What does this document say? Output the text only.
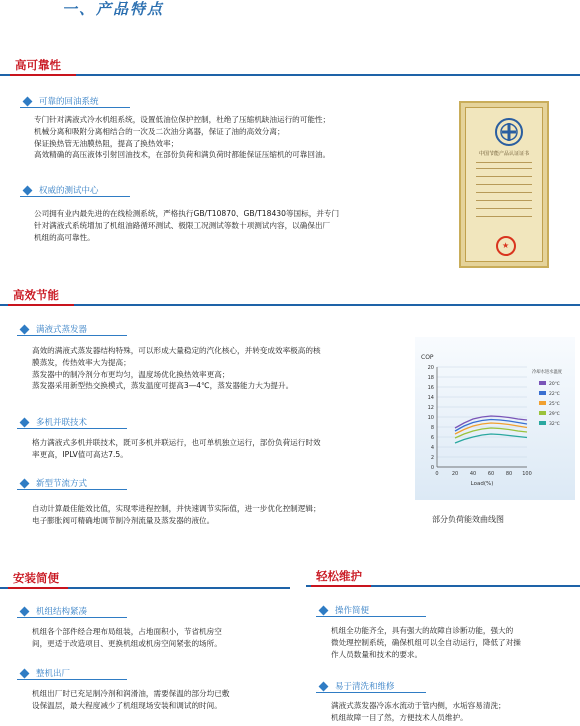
一、产品特点
高可靠性
可靠的回油系统
专门针对满液式冷水机组系统，设置低油位保护控制，杜绝了压缩机缺油运行的可能性；
机械分离和吸附分离相结合的一次及二次油分离器，保证了油的高效分离；
保证换热管无油膜热阻，提高了换热效率；
高效精确的高压液体引射回油技术，在部份负荷和满负荷时都能保证压缩机的可靠回油。
权威的测试中心
公司拥有业内最先进的在线检测系统，严格执行GB/T10870、GB/T18430等国标，并专门
针对满液式系统增加了机组油路循环测试、极限工况测试等数十项测试内容，以确保出厂
机组的高可靠性。
中国节能产品认证证书
★
高效节能
满液式蒸发器
高效的满液式蒸发器结构特殊，可以形成大量稳定的汽化核心，并转变成效率极高的核
膜蒸发，传热效率大为提高；
蒸发器中的制冷剂分布更均匀，温度场优化换热效率更高；
蒸发器采用新型热交换模式，蒸发温度可提高3—4℃，蒸发器能力大为提升。
多机并联技术
格力满液式多机并联技术，既可多机并联运行，也可单机独立运行，部份负荷运行时效
率更高，IPLV值可高达7.5。
新型节流方式
自动计算最佳能效比值，实现零进程控制，并快速调节实际值，进一步优化控制逻辑；
电子膨胀阀可精确地调节制冷剂流量及蒸发器的液位。
COP
0
2
4
6
8
10
12
14
16
18
20
0	20 40 60 80 100
Load(%)
冷却水进水温度
20℃
22℃
25℃
29℃
32℃
部分负荷能效曲线图
安装简便
机组结构紧凑
机组各个部件经合理布局组装，占地面积小，节省机房空
间，更适于改造项目、更换机组或机房空间紧张的场所。
整机出厂
机组出厂时已充足制冷剂和润滑油，需要保温的部分均已敷
设保温层，最大程度减少了机组现场安装和调试的时间。
轻松维护
操作简便
机组全功能齐全，具有强大的故障自诊断功能，强大的
微处理控制系统，确保机组可以全自动运行，降低了对操
作人员数量和技术的要求。
易于清洗和维修
满液式蒸发器冷冻水流动于管内侧，水垢容易清洗；
机组故障一目了然，方便技术人员维护。
